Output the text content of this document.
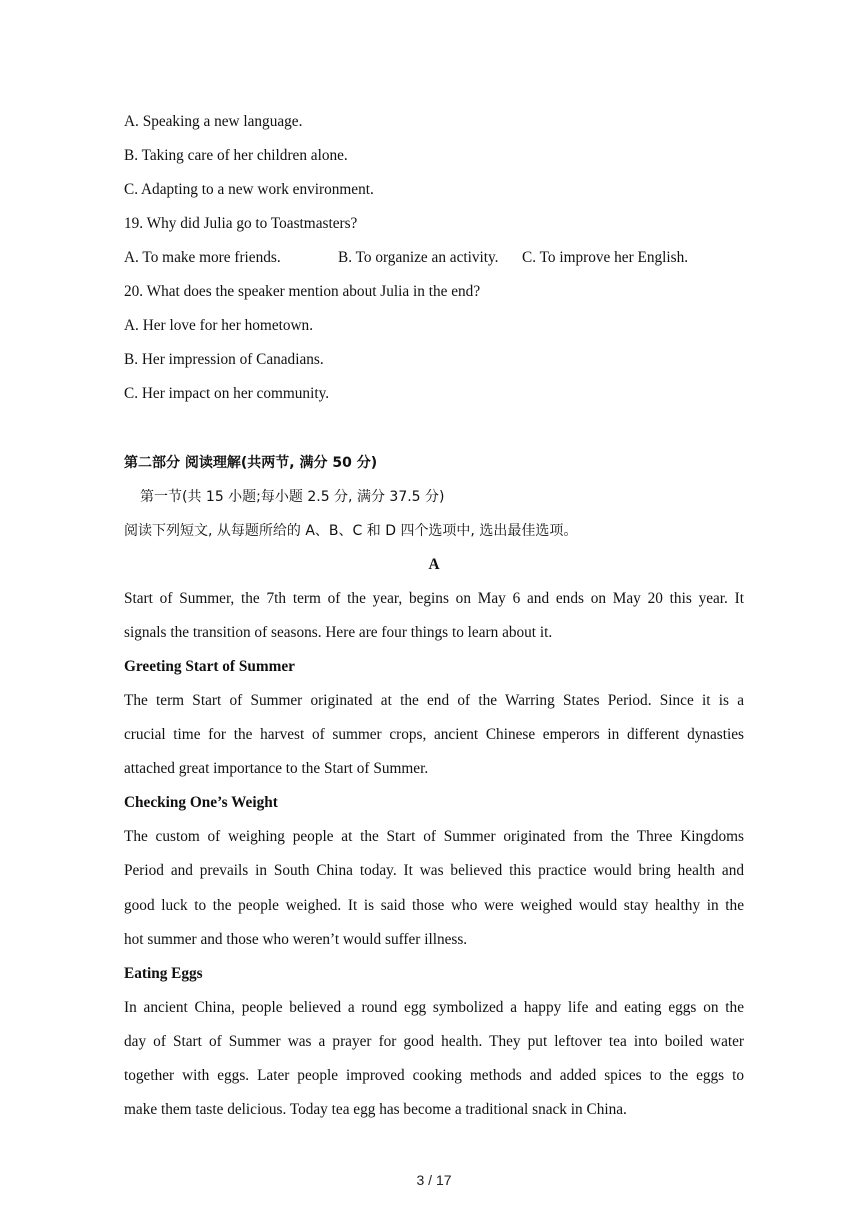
A. Speaking a new language.
B. Taking care of her children alone.
C. Adapting to a new work environment.
19. Why did Julia go to Toastmasters?
A. To make more friends.	B. To organize an activity. C. To improve her English.
20. What does the speaker mention about Julia in the end?
A. Her love for her hometown.
B. Her impression of Canadians.
C. Her impact on her community.
第二部分 阅读理解(共两节, 满分 50 分)
第一节(共 15 小题;每小题 2.5 分, 满分 37.5 分)
阅读下列短文, 从每题所给的 A、B、C 和 D 四个选项中, 选出最佳选项。
A
Start of Summer, the 7th term of the year, begins on May 6 and ends on May 20 this year. It
signals the transition of seasons. Here are four things to learn about it.
Greeting Start of Summer
The term Start of Summer originated at the end of the Warring States Period. Since it is a
crucial time for the harvest of summer crops, ancient Chinese emperors in different dynasties
attached great importance to the Start of Summer.
Checking One’s Weight
The custom of weighing people at the Start of Summer originated from the Three Kingdoms
Period and prevails in South China today. It was believed this practice would bring health and
good luck to the people weighed. It is said those who were weighed would stay healthy in the
hot summer and those who weren’t would suffer illness.
Eating Eggs
In ancient China, people believed a round egg symbolized a happy life and eating eggs on the
day of Start of Summer was a prayer for good health. They put leftover tea into boiled water
together with eggs. Later people improved cooking methods and added spices to the eggs to
make them taste delicious. Today tea egg has become a traditional snack in China.
3 / 17
